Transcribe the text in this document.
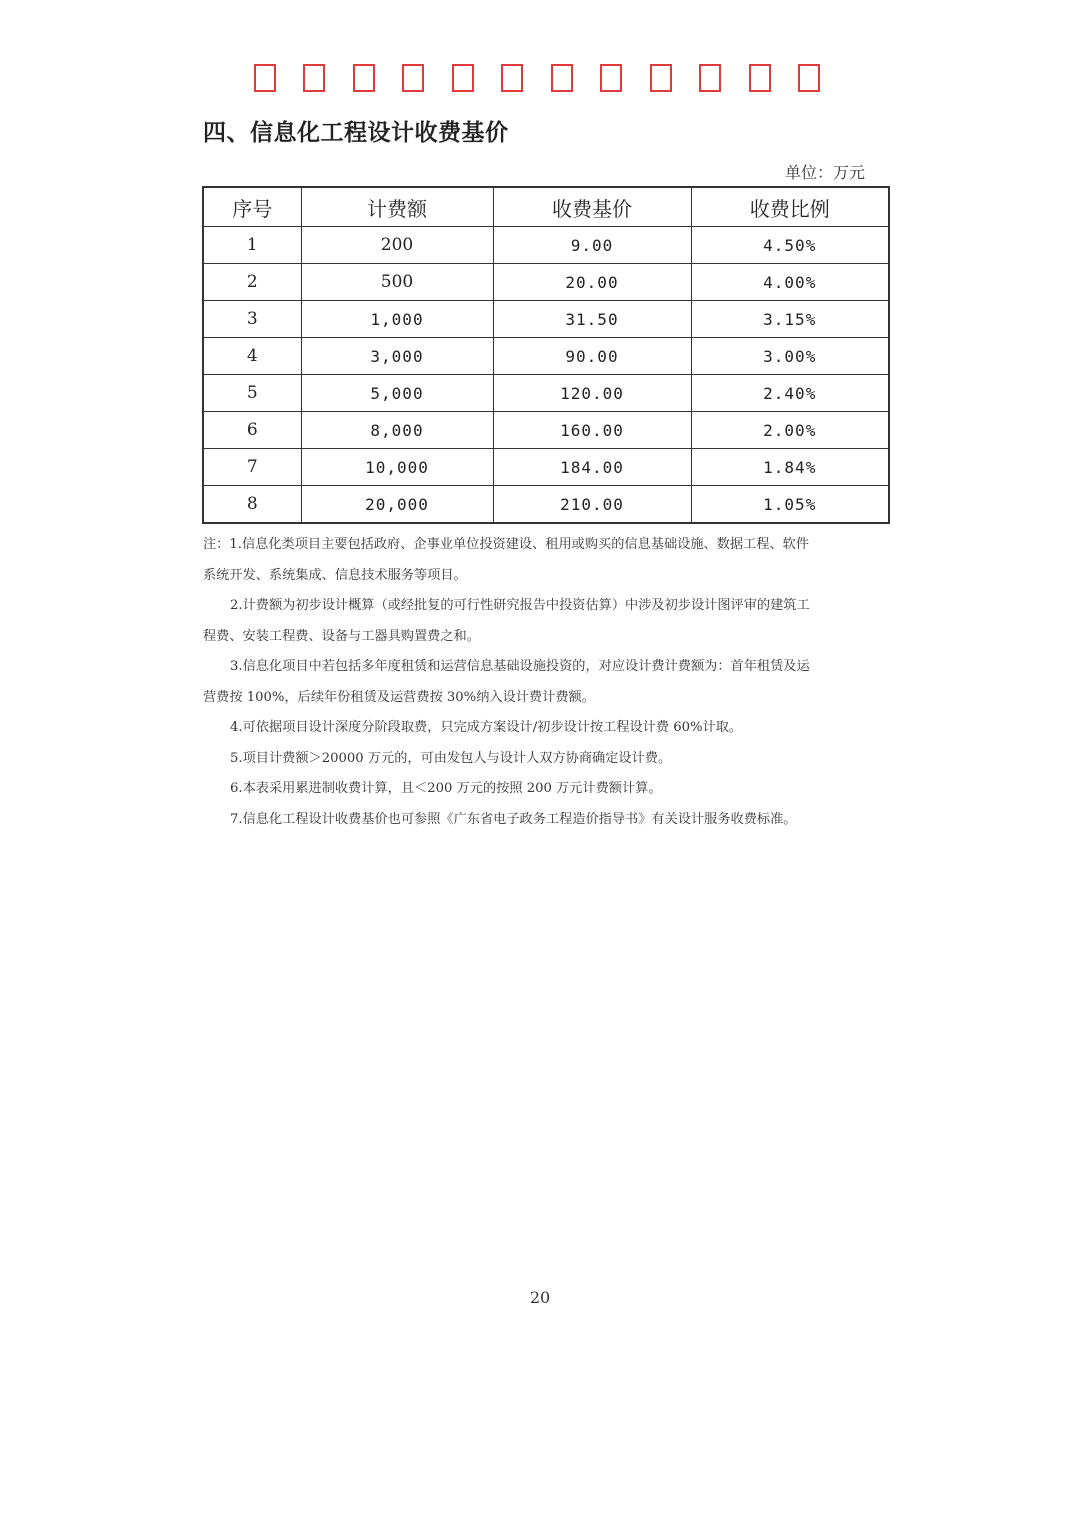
四、信息化工程设计收费基价
单位：万元
序号	计费额	收费基价	收费比例
1	200	9.00	4.50%
2	500	20.00	4.00%
3	1,000	31.50	3.15%
4	3,000	90.00	3.00%
5	5,000	120.00	2.40%
6	8,000	160.00	2.00%
7	10,000	184.00	1.84%
8	20,000	210.00	1.05%

注：1.信息化类项目主要包括政府、企事业单位投资建设、租用或购买的信息基础设施、数据工程、软件

系统开发、系统集成、信息技术服务等项目。

2.计费额为初步设计概算（或经批复的可行性研究报告中投资估算）中涉及初步设计图评审的建筑工

程费、安装工程费、设备与工器具购置费之和。

3.信息化项目中若包括多年度租赁和运营信息基础设施投资的，对应设计费计费额为：首年租赁及运

营费按 100%，后续年份租赁及运营费按 30%纳入设计费计费额。

4.可依据项目设计深度分阶段取费，只完成方案设计/初步设计按工程设计费 60%计取。

5.项目计费额＞20000 万元的，可由发包人与设计人双方协商确定设计费。

6.本表采用累进制收费计算，且＜200 万元的按照 200 万元计费额计算。

7.信息化工程设计收费基价也可参照《广东省电子政务工程造价指导书》有关设计服务收费标准。

20
